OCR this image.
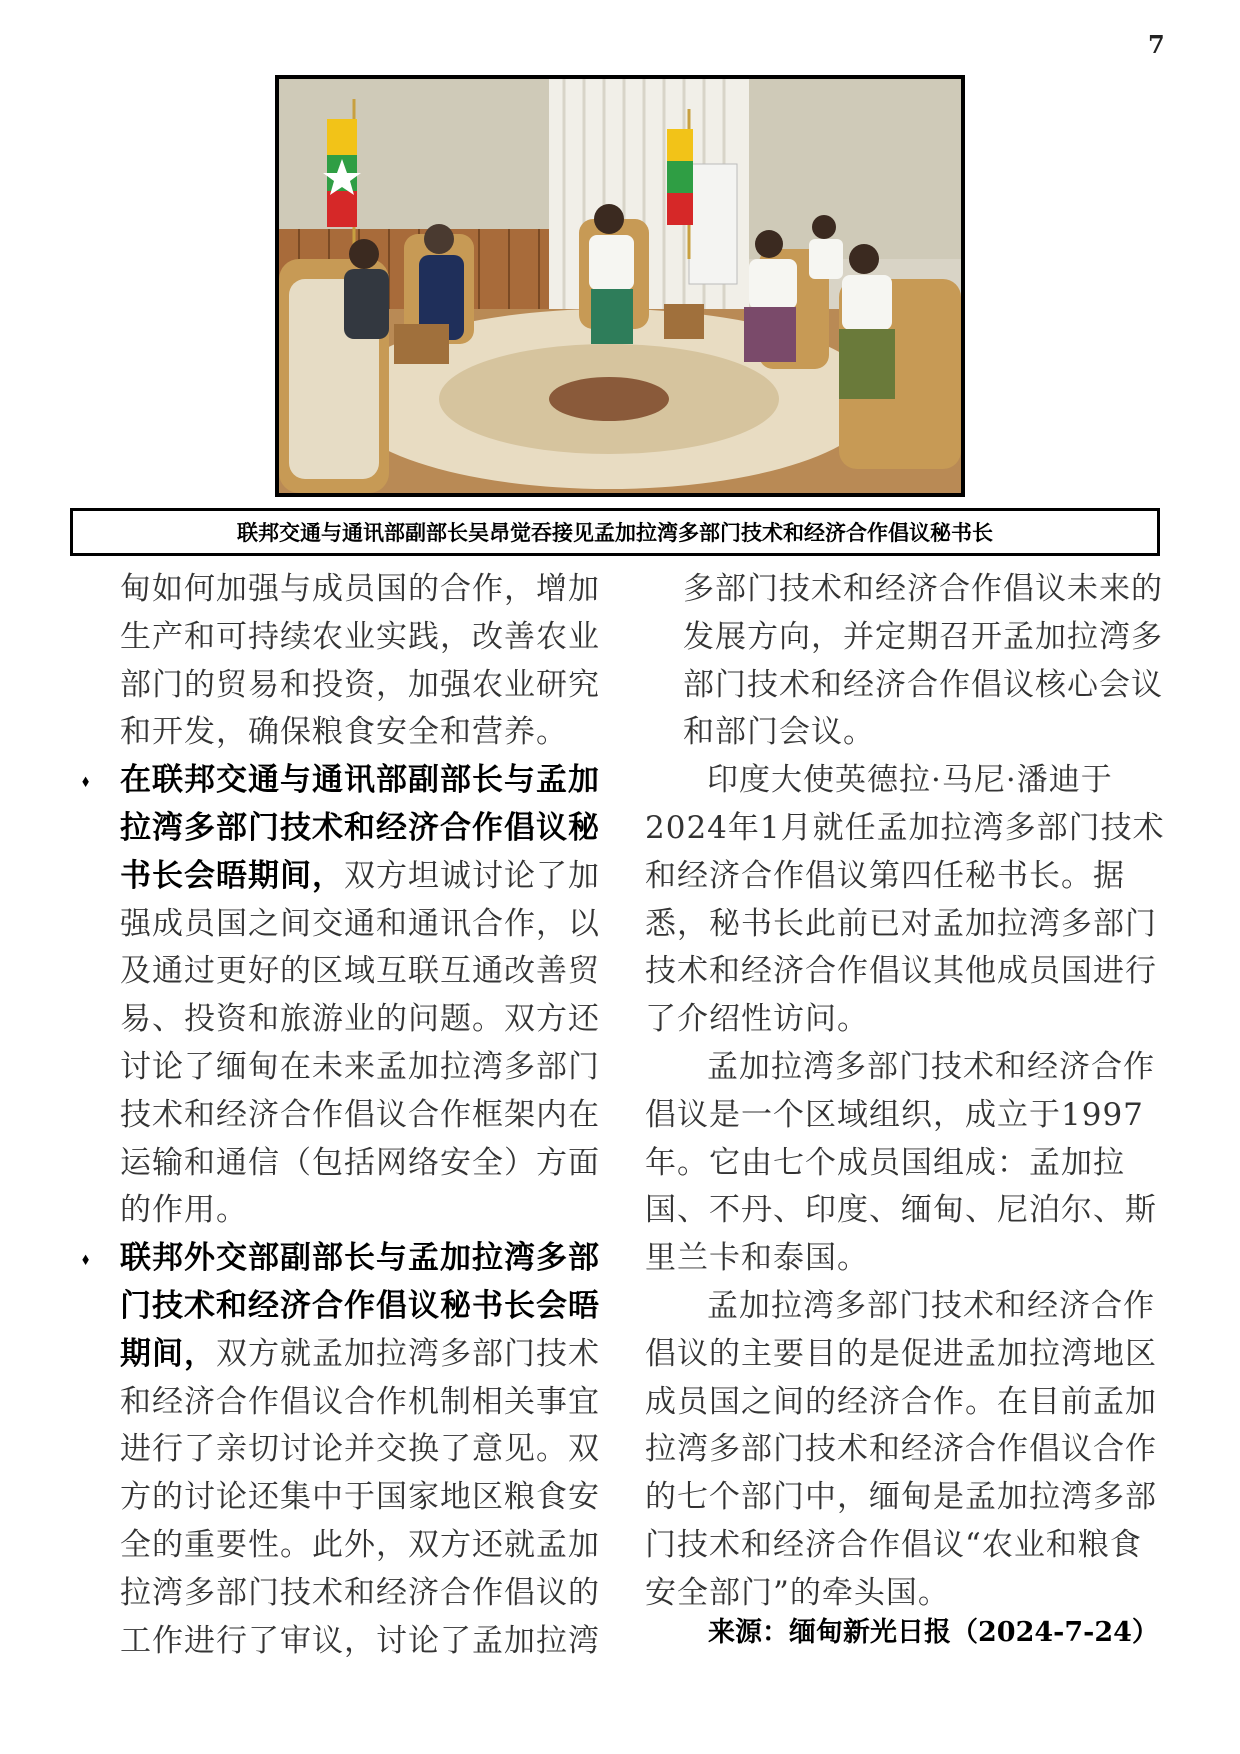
7
联邦交通与通讯部副部长吴昂觉吞接见孟加拉湾多部门技术和经济合作倡议秘书长

甸如何加强与成员国的合作，增加生产和可持续农业实践，改善农业部门的贸易和投资，加强农业研究和开发，确保粮食安全和营养。

⬧ 在联邦交通与通讯部副部长与孟加拉湾多部门技术和经济合作倡议秘书长会晤期间，双方坦诚讨论了加强成员国之间交通和通讯合作，以及通过更好的区域互联互通改善贸易、投资和旅游业的问题。双方还讨论了缅甸在未来孟加拉湾多部门技术和经济合作倡议合作框架内在运输和通信（包括网络安全）方面的作用。

⬧ 联邦外交部副部长与孟加拉湾多部门技术和经济合作倡议秘书长会晤期间，双方就孟加拉湾多部门技术和经济合作倡议合作机制相关事宜进行了亲切讨论并交换了意见。双方的讨论还集中于国家地区粮食安全的重要性。此外，双方还就孟加拉湾多部门技术和经济合作倡议的工作进行了审议，讨论了孟加拉湾

多部门技术和经济合作倡议未来的发展方向，并定期召开孟加拉湾多部门技术和经济合作倡议核心会议和部门会议。

印度大使英德拉·马尼·潘迪于2024年1月就任孟加拉湾多部门技术和经济合作倡议第四任秘书长。据悉，秘书长此前已对孟加拉湾多部门技术和经济合作倡议其他成员国进行了介绍性访问。

孟加拉湾多部门技术和经济合作倡议是一个区域组织，成立于1997年。它由七个成员国组成：孟加拉国、不丹、印度、缅甸、尼泊尔、斯里兰卡和泰国。

孟加拉湾多部门技术和经济合作倡议的主要目的是促进孟加拉湾地区成员国之间的经济合作。在目前孟加拉湾多部门技术和经济合作倡议合作的七个部门中，缅甸是孟加拉湾多部门技术和经济合作倡议“农业和粮食安全部门”的牵头国。

来源：缅甸新光日报（2024-7-24）
